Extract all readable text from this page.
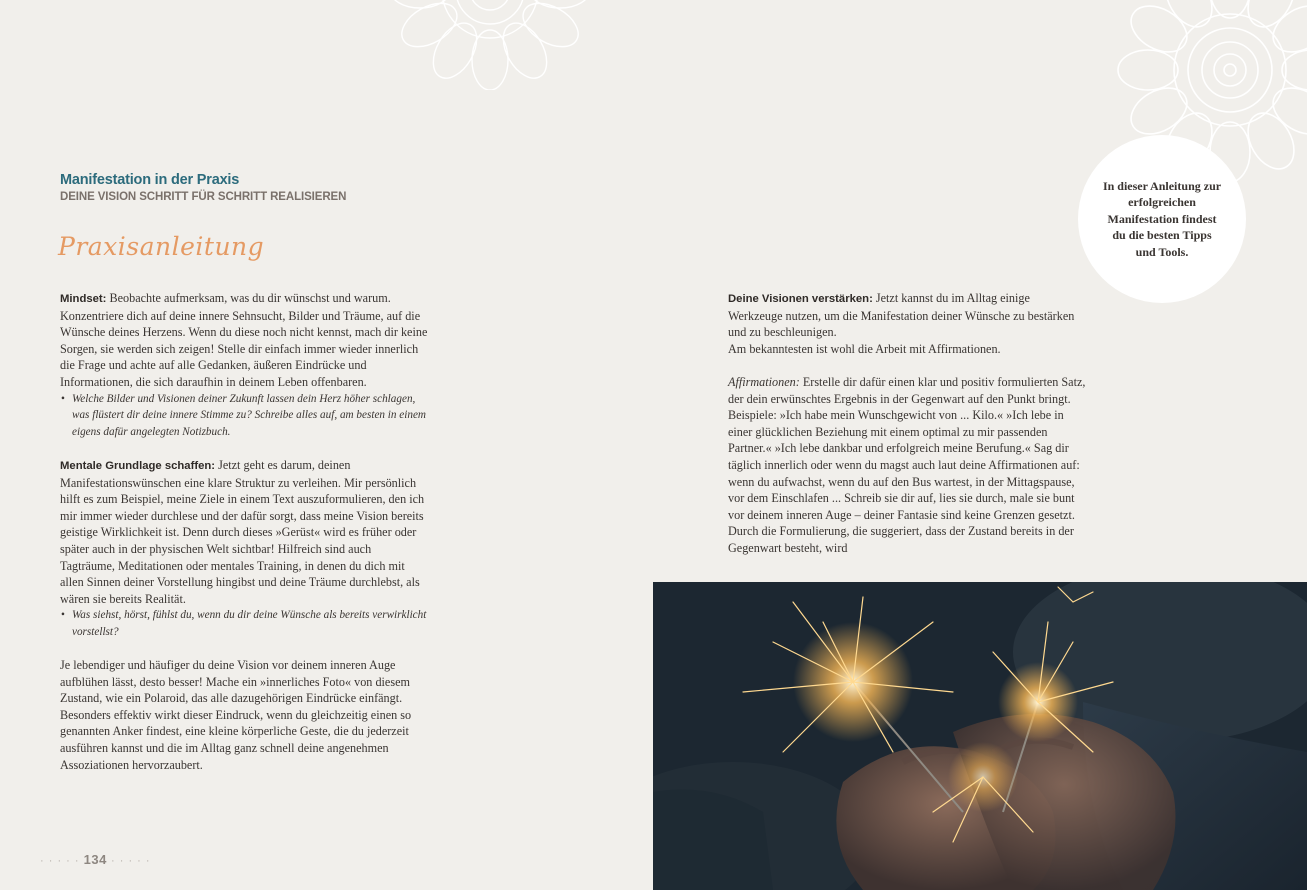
Manifestation in der Praxis
DEINE VISION SCHRITT FÜR SCHRITT REALISIEREN
Praxisanleitung

Mindset: Beobachte aufmerksam, was du dir wünschst und warum. Konzentriere dich auf deine innere Sehnsucht, Bilder und Träume, auf die Wünsche deines Herzens. Wenn du diese noch nicht kennst, mach dir keine Sorgen, sie werden sich zeigen! Stelle dir einfach immer wieder innerlich die Frage und achte auf alle Gedanken, äußeren Eindrücke und Informationen, die sich daraufhin in deinem Leben offenbaren.

• Welche Bilder und Visionen deiner Zukunft lassen dein Herz höher schlagen, was flüstert dir deine innere Stimme zu? Schreibe alles auf, am besten in einem eigens dafür angelegten Notizbuch.

Mentale Grundlage schaffen: Jetzt geht es darum, deinen Manifestationswünschen eine klare Struktur zu verleihen. Mir persönlich hilft es zum Beispiel, meine Ziele in einem Text auszuformulieren, den ich mir immer wieder durchlese und der dafür sorgt, dass meine Vision bereits geistige Wirklichkeit ist. Denn durch dieses »Gerüst« wird es früher oder später auch in der physischen Welt sichtbar! Hilfreich sind auch Tagträume, Meditationen oder mentales Training, in denen du dich mit allen Sinnen deiner Vorstellung hingibst und deine Träume durchlebst, als wären sie bereits Realität.

• Was siehst, hörst, fühlst du, wenn du dir deine Wünsche als bereits verwirklicht vorstellst?

Je lebendiger und häufiger du deine Vision vor deinem inneren Auge aufblühen lässt, desto besser! Mache ein »innerliches Foto« von diesem Zustand, wie ein Polaroid, das alle dazugehörigen Eindrücke einfängt. Besonders effektiv wirkt dieser Eindruck, wenn du gleichzeitig einen so genannten Anker findest, eine kleine körperliche Geste, die du jederzeit ausführen kannst und die im Alltag ganz schnell deine angenehmen Assoziationen hervorzaubert.

Deine Visionen verstärken: Jetzt kannst du im Alltag einige Werkzeuge nutzen, um die Manifestation deiner Wünsche zu bestärken und zu beschleunigen.

Am bekanntesten ist wohl die Arbeit mit Affirmationen.

Affirmationen: Erstelle dir dafür einen klar und positiv formulierten Satz, der dein erwünschtes Ergebnis in der Gegenwart auf den Punkt bringt. Beispiele: »Ich habe mein Wunschgewicht von ... Kilo.« »Ich lebe in einer glücklichen Beziehung mit einem optimal zu mir passenden Partner.« »Ich lebe dankbar und erfolgreich meine Berufung.« Sag dir täglich innerlich oder wenn du magst auch laut deine Affirmationen auf: wenn du aufwachst, wenn du auf den Bus wartest, in der Mittagspause, vor dem Einschlafen ... Schreib sie dir auf, lies sie durch, male sie bunt vor deinem inneren Auge – deiner Fantasie sind keine Grenzen gesetzt. Durch die Formulierung, die suggeriert, dass der Zustand bereits in der Gegenwart besteht, wird

In dieser Anleitung zur erfolgreichen Manifestation findest du die besten Tipps und Tools.
· · · · · 134 · · · · ·
